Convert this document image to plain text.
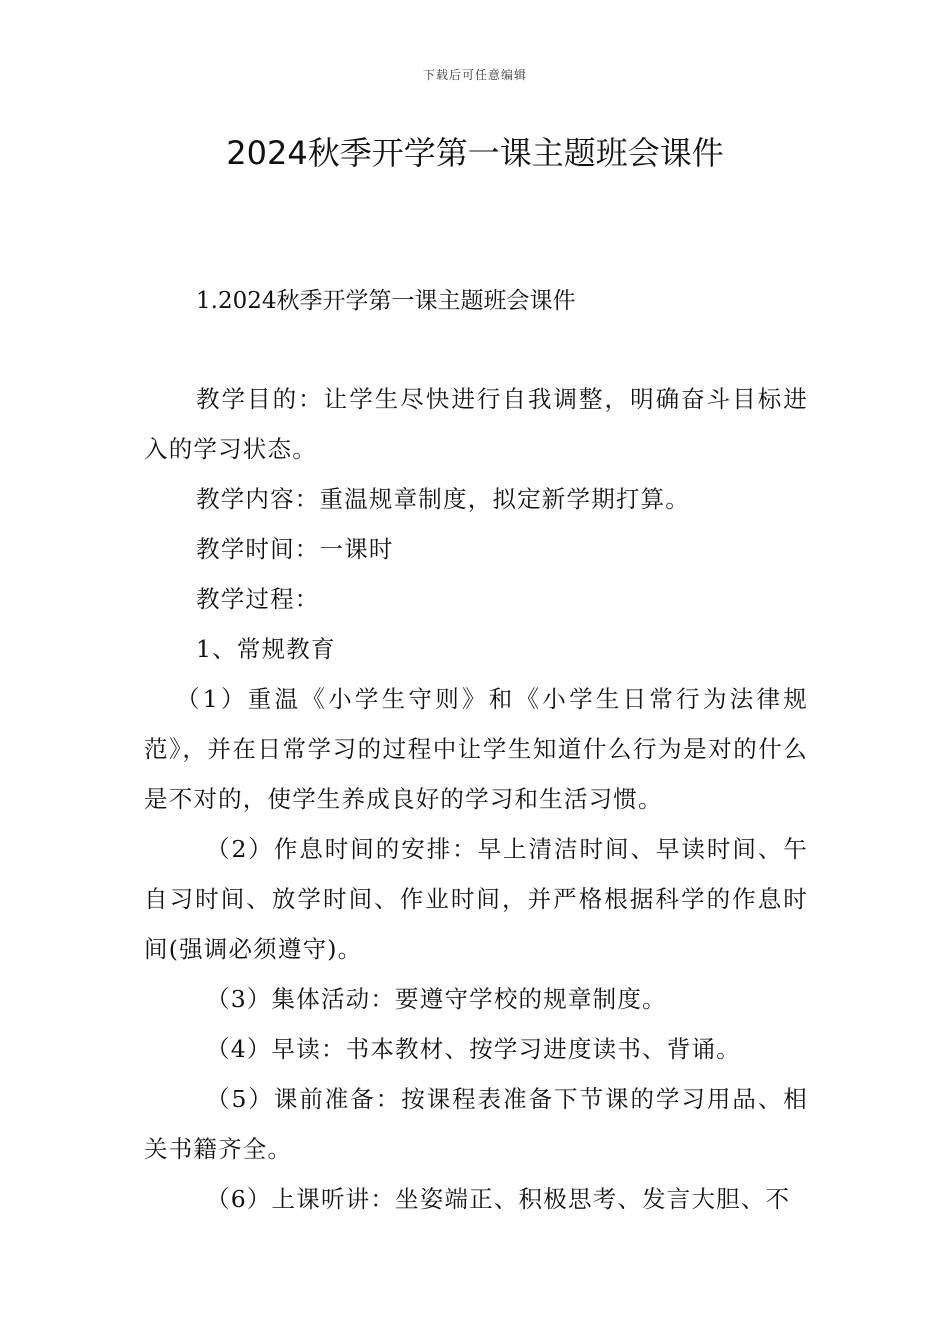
下载后可任意编辑
2024秋季开学第一课主题班会课件
1.2024秋季开学第一课主题班会课件

教学目的：让学生尽快进行自我调整，明确奋斗目标进入的学习状态。

教学内容：重温规章制度，拟定新学期打算。

教学时间：一课时

教学过程：

1、常规教育

（1）重温《小学生守则》和《小学生日常行为法律规范》，并在日常学习的过程中让学生知道什么行为是对的什么是不对的，使学生养成良好的学习和生活习惯。

（2）作息时间的安排：早上清洁时间、早读时间、午自习时间、放学时间、作业时间，并严格根据科学的作息时间(强调必须遵守)。

（3）集体活动：要遵守学校的规章制度。

（4）早读：书本教材、按学习进度读书、背诵。

（5）课前准备：按课程表准备下节课的学习用品、相关书籍齐全。

（6）上课听讲：坐姿端正、积极思考、发言大胆、不
